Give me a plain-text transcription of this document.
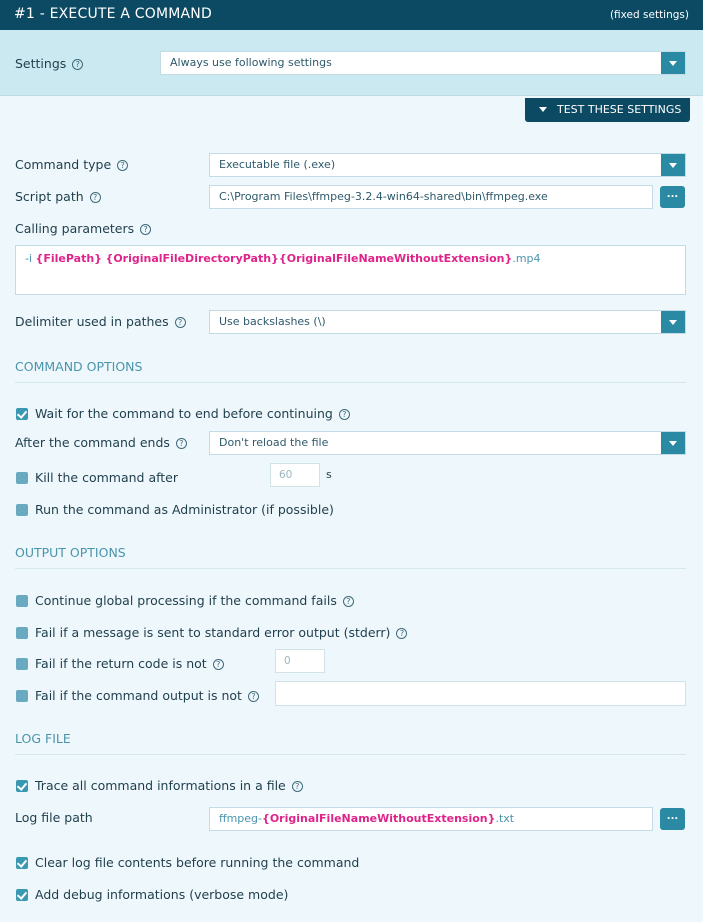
#1 - EXECUTE A COMMAND	(fixed settings)
Settings ?	Always use following settings
TEST THESE SETTINGS
Command type ?	Executable file (.exe)
Script path ?	C:\Program Files\ffmpeg-3.2.4-win64-shared\bin\ffmpeg.exe	...
Calling parameters ?
-i {FilePath} {OriginalFileDirectoryPath}{OriginalFileNameWithoutExtension}.mp4
Delimiter used in pathes ?	Use backslashes (\)
COMMAND OPTIONS
Wait for the command to end before continuing ?
After the command ends ?	Don't reload the file
Kill the command after	60	s
Run the command as Administrator (if possible)
OUTPUT OPTIONS
Continue global processing if the command fails ?
Fail if a message is sent to standard error output (stderr) ?
Fail if the return code is not ?	0
Fail if the command output is not ?
LOG FILE
Trace all command informations in a file ?
Log file path	ffmpeg-{OriginalFileNameWithoutExtension}.txt	...
Clear log file contents before running the command
Add debug informations (verbose mode)
